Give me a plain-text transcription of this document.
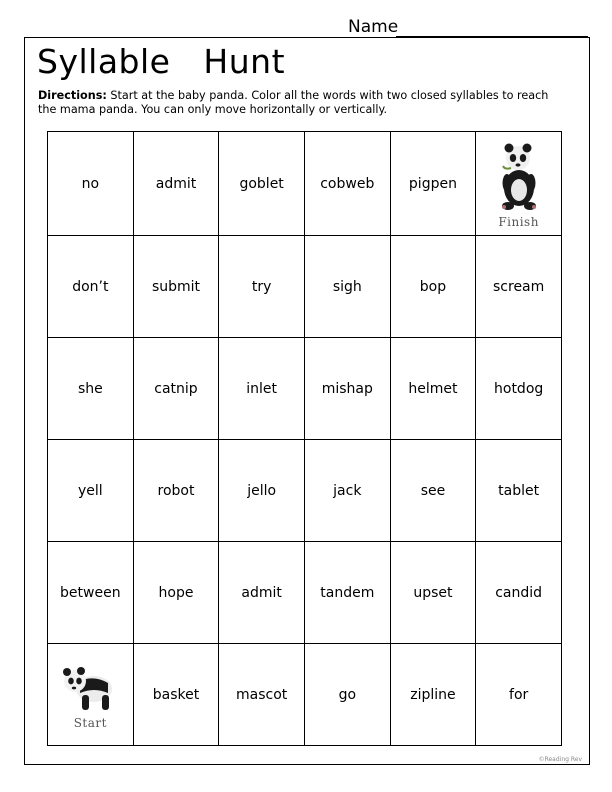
Name
Syllable   Hunt
Directions: Start at the baby panda. Color all the words with two closed syllables to reach the mama panda. You can only move horizontally or vertically.
no	admit	goblet	cobweb	pigpen	Finish

don’t	submit	try	sigh	bop	scream
she	catnip	inlet	mishap	helmet	hotdog
yell	robot	jello	jack	see	tablet
between	hope	admit	tandem	upset	candid

Start	basket	mascot	go	zipline	for
©Reading Rev
